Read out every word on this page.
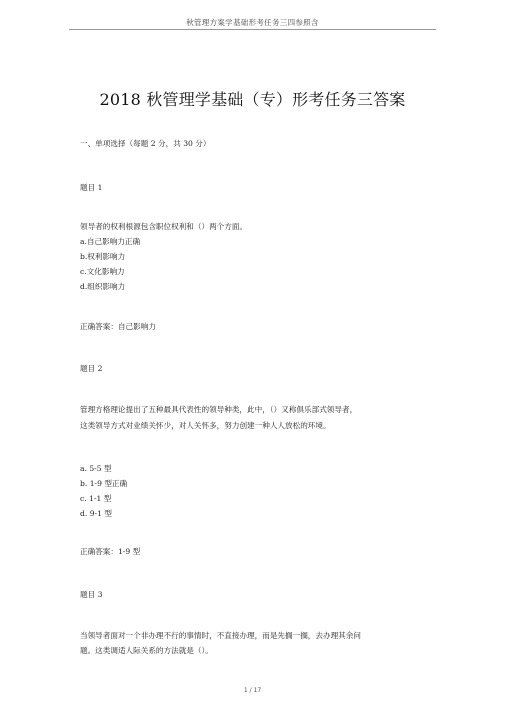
秋管理方案学基础形考任务三四参照含
2018 秋管理学基础（专）形考任务三答案
一、单项选择（每题 2 分，共 30 分）
题目 1
领导者的权利根源包含职位权利和（）两个方面。
a.自己影响力正确
b.权利影响力
c.文化影响力
d.组织影响力
正确答案：自己影响力
题目 2
管理方格理论提出了五种最具代表性的领导种类，此中，（）又称俱乐部式领导者，
这类领导方式对业绩关怀少，对人关怀多，努力创建一种人人放松的环境。
a. 5-5 型
b. 1-9 型正确
c. 1-1 型
d. 9-1 型
正确答案：1-9 型
题目 3
当领导者面对一个非办理不行的事情时，不直接办理，而是先搁一搁，去办理其余问
题。这类调适人际关系的方法就是（）。
1 / 17
